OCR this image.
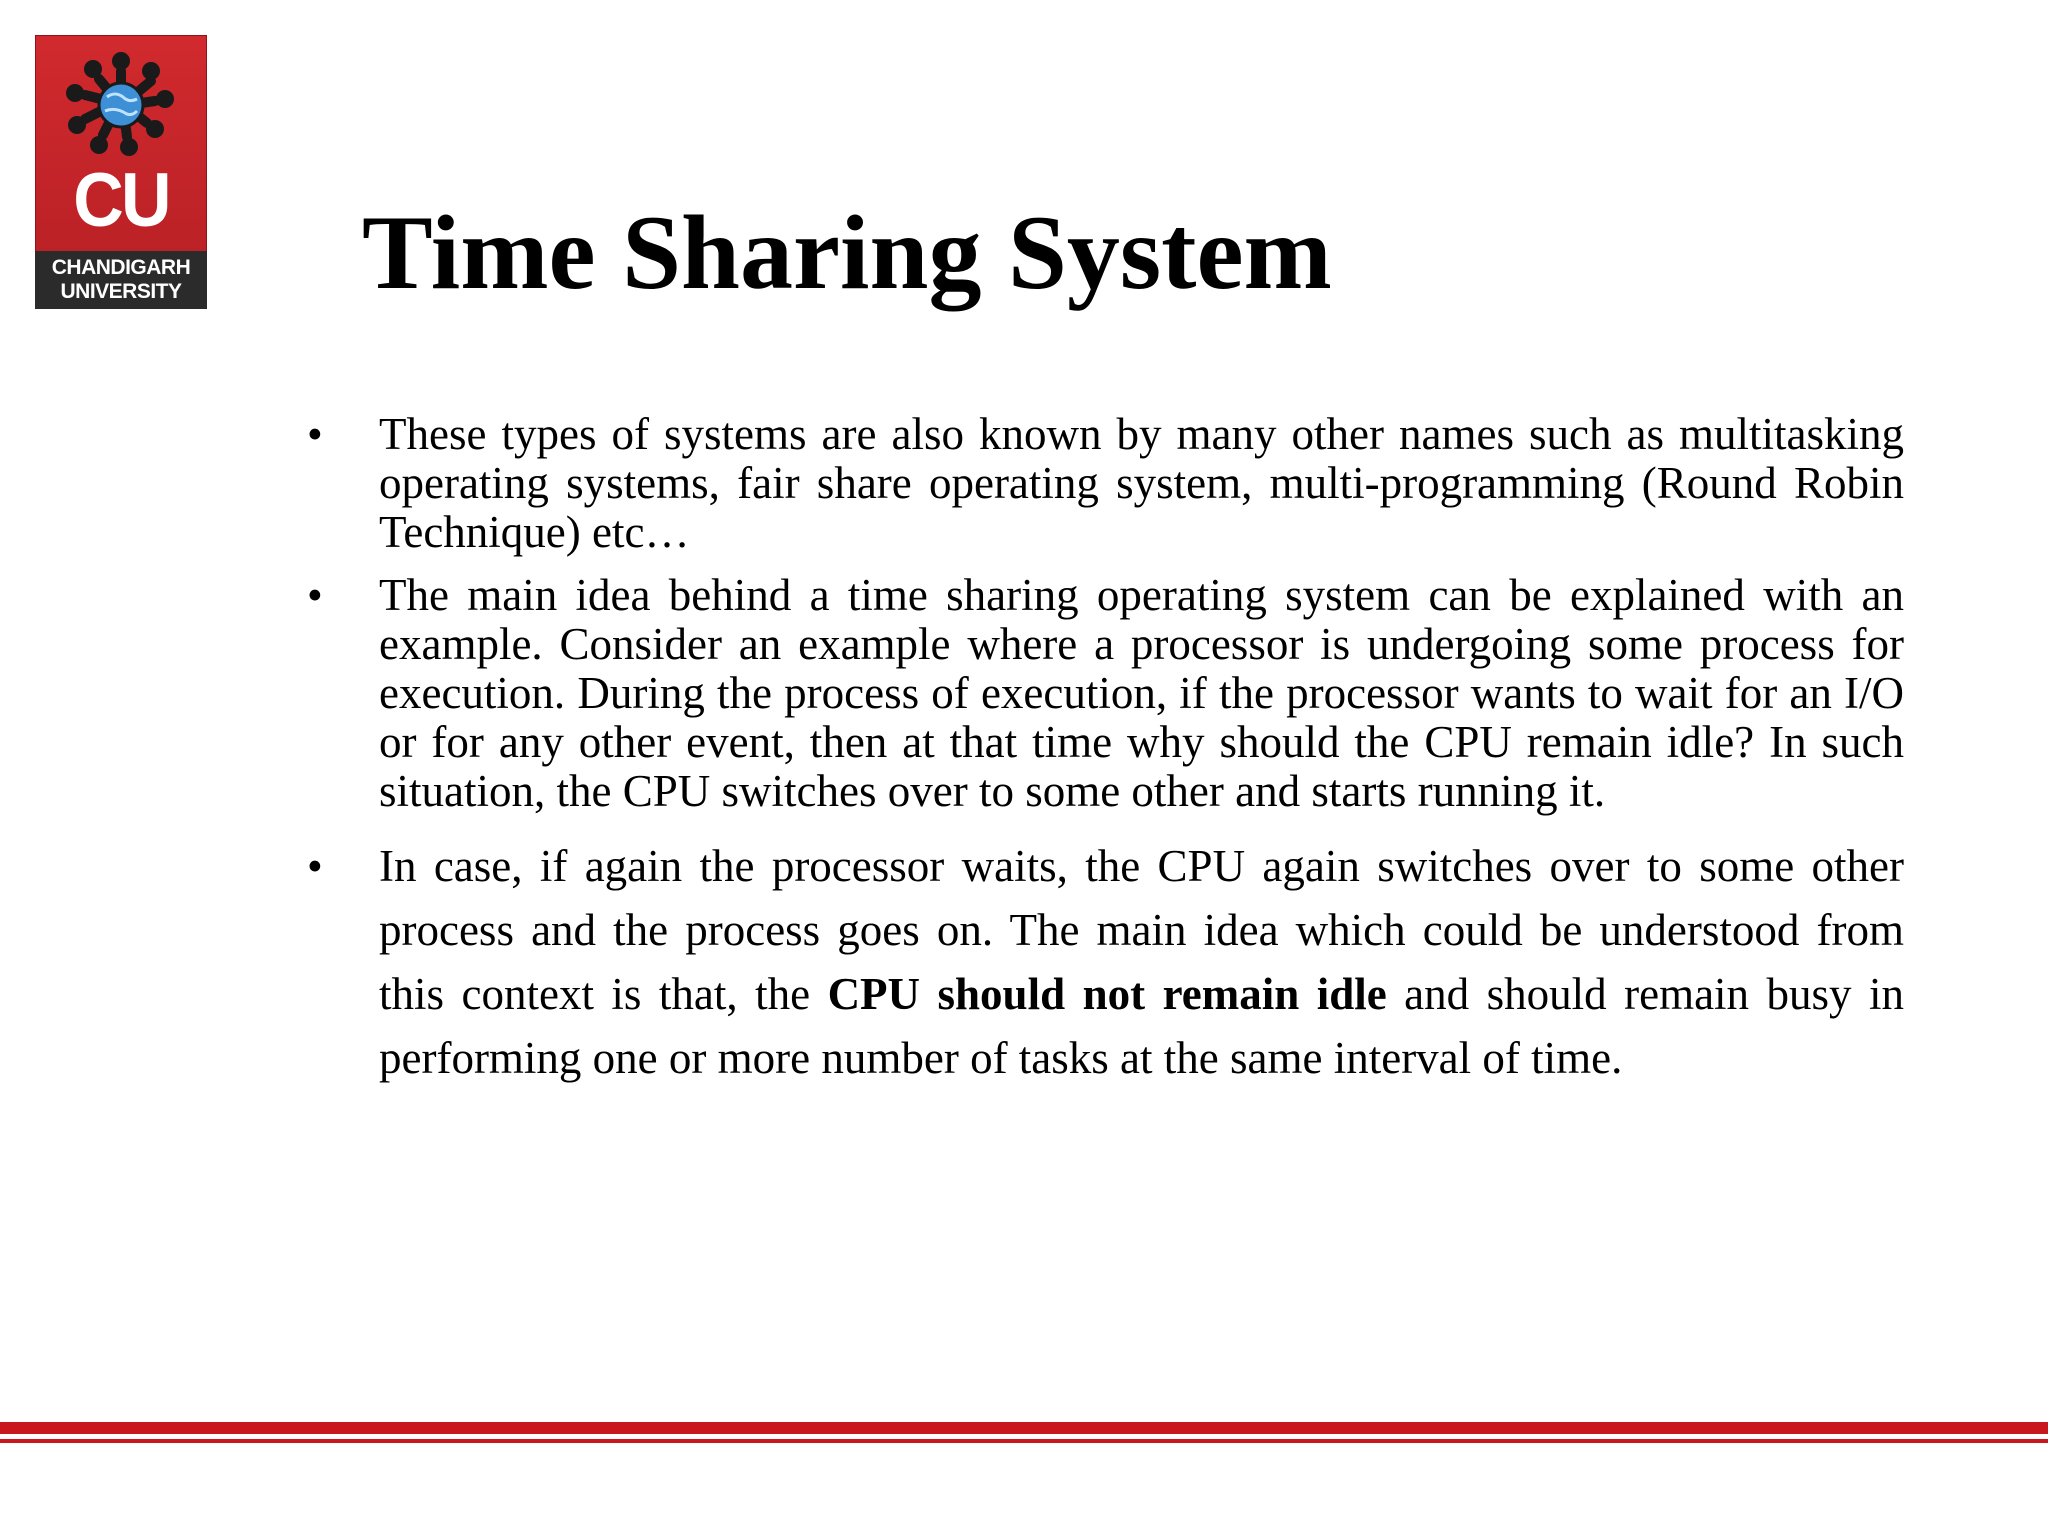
CU
CHANDIGARH
UNIVERSITY Time Sharing System
• These types of systems are also known by many other names such as multitasking operating systems, fair share operating system, multi-programming (Round Robin Technique) etc…
• The main idea behind a time sharing operating system can be explained with an example. Consider an example where a processor is undergoing some process for execution. During the process of execution, if the processor wants to wait for an I/O or for any other event, then at that time why should the CPU remain idle? In such situation, the CPU switches over to some other and starts running it.
• In case, if again the processor waits, the CPU again switches over to some other process and the process goes on. The main idea which could be understood from this context is that, the CPU should not remain idle and should remain busy in performing one or more number of tasks at the same interval of time.
